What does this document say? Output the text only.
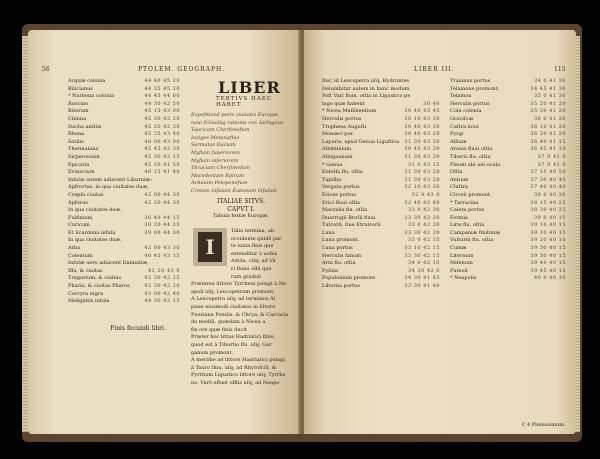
56	PTOLEM. GEOGRAPH.
Acquæ colonia	44 40 45 20
Bilicianus	44 35 45 20
* Narbona colonia	44 45 44 00
Ruscino	44 30 42 50
Biterum	45 15 43 00
Chinna	45 30 43 20
Dacha antitis	45 20 42 30
Rhena	45 35 43 40
Sotilis	46 00 43 00
Thermalana	45 45 42 30
Sirperonium	45 30 42 15
Epicaria	45 20 41 50
Evinacium	46 15 41 40
Infulæ autem adiacent Liburniæ:
Apfrortus, in qua ciuitates duæ,
Crepfa ciuitas	42 00 44 30
Apforus	42 20 44 30
In qua ciuitates duæ,
Fulfinium	36 40 44 15
Curicum	38 20 44 25
Et Scardona infula	39 00 44 30
In qua ciuitates duæ,
Arba	42 00 43 30
Colentum	40 45 43 15
Infulæ uero adiacent Dalmatiæ,
Iffa, & ciuitas	41 20 43 0
Tragurium, & ciuitas	42 30 42 15
Pharia, & ciuitas Pharos	42 30 42 10
Corcyra nigra	43 00 42 40
Melignitis infula	44 30 42 15
Finis fecundi libri.
LIBER
TERTIVS HAEC HABET.
Expofitionē poris ciuitatis Europæ,
noui fclinolüg rationis cor. Iaringuus
Tauricam Cherfonefum
Iaziges Metanaftas
Sarmatas Daciam
Myfiam fuperiorem
Myfiam inferiorem
Thraciam Cherfonefum
Macedoniam Epirum
Achaiam Peloponefum
Cretam infulam Euboeam infulam
ITALIAE SITVS.
CAPVT I.
Tabula fextæ Europæ.
I
Talia termina, ab
occidente quidē par
te iuxta finis que
extenditur à uobis
Adula, ctiq; ad Va
ri flumi ollū que
rum graduū
Præterea littore Tyrrheni pelagi à Ne
apoli uſq; Leucopetram promont.
A Leucopetra uſq; ad terminos Al
pium eiusmodi ciuitates in littore
Pueriana Pontiis, & Chrya, & Carcaria
do mediū, quædam à Nicea a
fin ore quæ finis ducit
Præter hoc littus Hadriatici finis,
quod est à Tiburtio flu. uſq; Gar
ganum promont.
A meridie ad littore Hadriatici pelagi,
à Tauro fluu. uſq; ad Rhyrofciū, &
Pyrrhum Ligustico littore uſq; Tyrrhe
no, Varō efluet offiis uſq; ad Neapo
LIBER III.	115
Iter, id Leucopetra uſq; Hydruntes
Delumbitur autem in hunc modum
Poſt Vari flum. oſtia in Ligustico pe
lago quæ habent	30 40
* Nicea Maflilienſium	30 40 43 45
Herculis portus	30 10 43 30
Tropheus Auguſti	30 40 43 30
Monœci por.	30 40 43 20
Lapuris, apud Genua Liguſtica 31 30 43 30
Albiminium	30 45 43 20
Albigaunum	31 30 43 20
* Genua	31 0 43 15
Entella flu. oſtia	31 30 43 20
Tigullia	31 30 43 20
Vergata portus	32 10 43 30
Erices portus	32 0 43 0
Erici fluui oſtia	32 40 42 40
Macralla flu. oſtia	33 0 42 30
Duarrugii Bruſii fluui	33 30 42 30
Tuſcorū, ſiue Etruſcorū	33 0 42 20
Luna	33 30 42 20
Luna promont.	33 0 42 15
Luna portus	33 10 42 15
Herculis fanum	33 30 42 15
Arni flu. oſtia	34 0 42 10
Pyſula	34 30 42 0
Populonium promont.	34 30 41 45
Liburna portus	33 30 41 40
Traianus portus	34 0 41 30
Telamone promont.	34 45 41 30
Telamon	35 0 41 30
Herculis portus	35 20 41 20
Coſa colonia	35 30 41 20
Graviſcæ	36 0 41 20
Caſtra noui	36 10 41 20
Pyrgi	36 20 41 20
Alſium	36 40 41 15
Aronis fluui oſtia	36 45 41 10
Tiberis flu. oſtia	37 0 41 0
Fleum ubi uel ocula	37 0 41 0
Oſtia	37 15 40 50
Antium	37 30 40 40
Cluſtra	37 40 40 40
Circeii promont.	38 0 40 30
* Tarracina	38 15 40 25
Caieta portus	38 30 40 25
Formia	39 0 40 15
Liris flu. oſtia	39 10 40 15
Campaniæ finitimæ	39 10 40 15
Vulturni flu. oſtia	39 20 40 10
Cumæ	39 30 40 15
Liternum	39 30 40 15
Miſenum	39 40 40 15
Puteoli	39 45 40 15
* Neapolis	40 0 40 10
C 4 Plenissimum
